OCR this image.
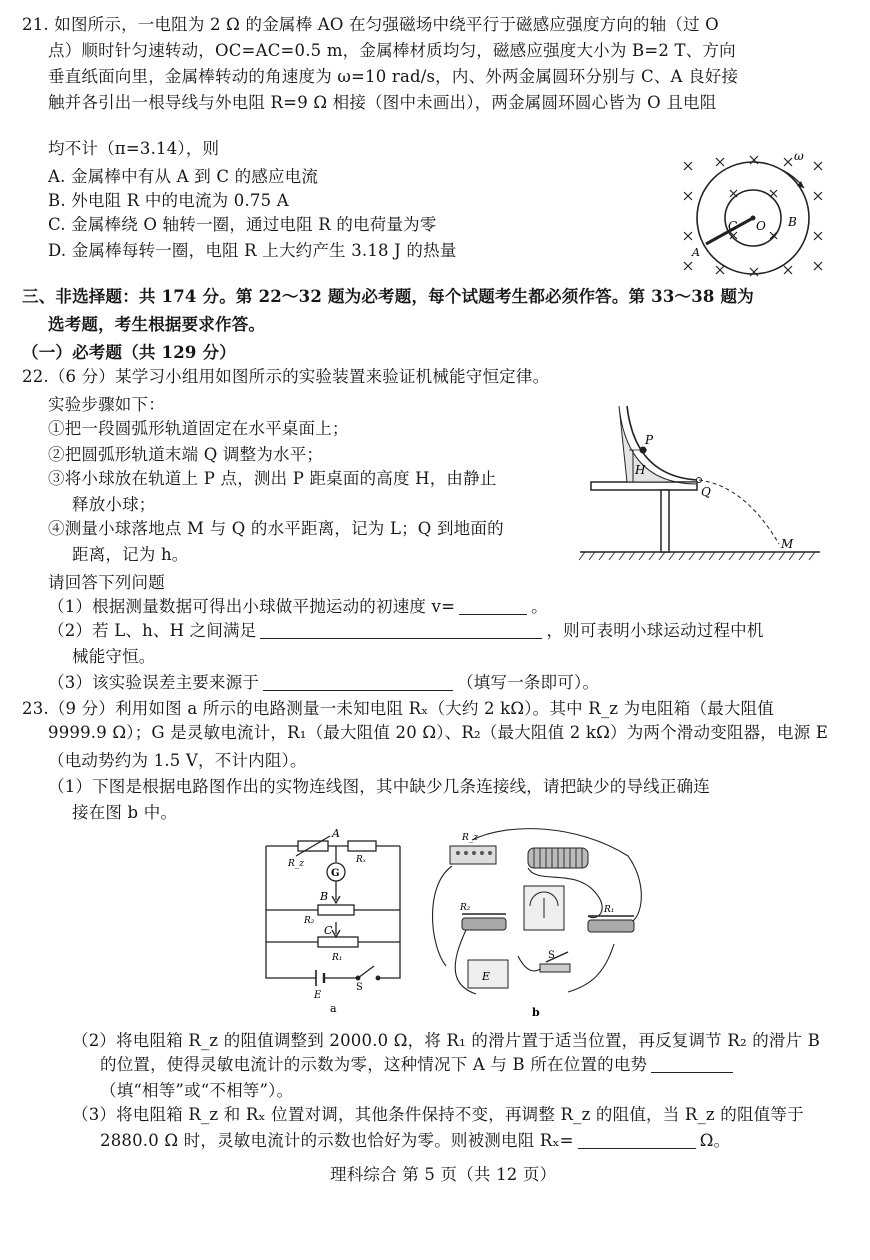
21. 如图所示，一电阻为 2 Ω 的金属棒 AO 在匀强磁场中绕平行于磁感应强度方向的轴（过 O
点）顺时针匀速转动，OC=AC=0.5 m，金属棒材质均匀，磁感应强度大小为 B=2 T、方向
垂直纸面向里，金属棒转动的角速度为 ω=10 rad/s，内、外两金属圆环分别与 C、A 良好接
触并各引出一根导线与外电阻 R=9 Ω 相接（图中未画出），两金属圆环圆心皆为 O 且电阻
均不计（π=3.14），则
A. 金属棒中有从 A 到 C 的感应电流
B. 外电阻 R 中的电流为 0.75 A
C. 金属棒绕 O 轴转一圈，通过电阻 R 的电荷量为零
D. 金属棒每转一圈，电阻 R 上大约产生 3.18 J 的热量
ω
O
C
A
B
三、非选择题：共 174 分。第 22～32 题为必考题，每个试题考生都必须作答。第 33～38 题为
选考题，考生根据要求作答。
（一）必考题（共 129 分）
22.（6 分）某学习小组用如图所示的实验装置来验证机械能守恒定律。
实验步骤如下：
①把一段圆弧形轨道固定在水平桌面上；
②把圆弧形轨道末端 Q 调整为水平；
③将小球放在轨道上 P 点，测出 P 距桌面的高度 H，由静止
释放小球；
④测量小球落地点 M 与 Q 的水平距离，记为 L；Q 到地面的
距离，记为 h。
请回答下列问题
（1）根据测量数据可得出小球做平抛运动的初速度 v=	。
（2）若 L、h、H 之间满足	，则可表明小球运动过程中机
械能守恒。
（3）该实验误差主要来源于	（填写一条即可）。
P
H
Q
M
23.（9 分）利用如图 a 所示的电路测量一未知电阻 Rₓ（大约 2 kΩ）。其中 R_z 为电阻箱（最大阻值
9999.9 Ω）；G 是灵敏电流计，R₁（最大阻值 20 Ω）、R₂（最大阻值 2 kΩ）为两个滑动变阻器，电源 E
（电动势约为 1.5 V，不计内阻）。
（1）下图是根据电路图作出的实物连线图，其中缺少几条连接线，请把缺少的导线正确连
接在图 b 中。
G
A
B
C
R_z	Rₓ
R₂
R₁
E
S
a
R_z
R₂	R₁
E
S
b
（2）将电阻箱 R_z 的阻值调整到 2000.0 Ω，将 R₁ 的滑片置于适当位置，再反复调节 R₂ 的滑片 B
的位置，使得灵敏电流计的示数为零，这种情况下 A 与 B 所在位置的电势
（填“相等”或“不相等”）。
（3）将电阻箱 R_z 和 Rₓ 位置对调，其他条件保持不变，再调整 R_z 的阻值，当 R_z 的阻值等于
2880.0 Ω 时，灵敏电流计的示数也恰好为零。则被测电阻 Rₓ=	Ω。
理科综合 第 5 页（共 12 页）
